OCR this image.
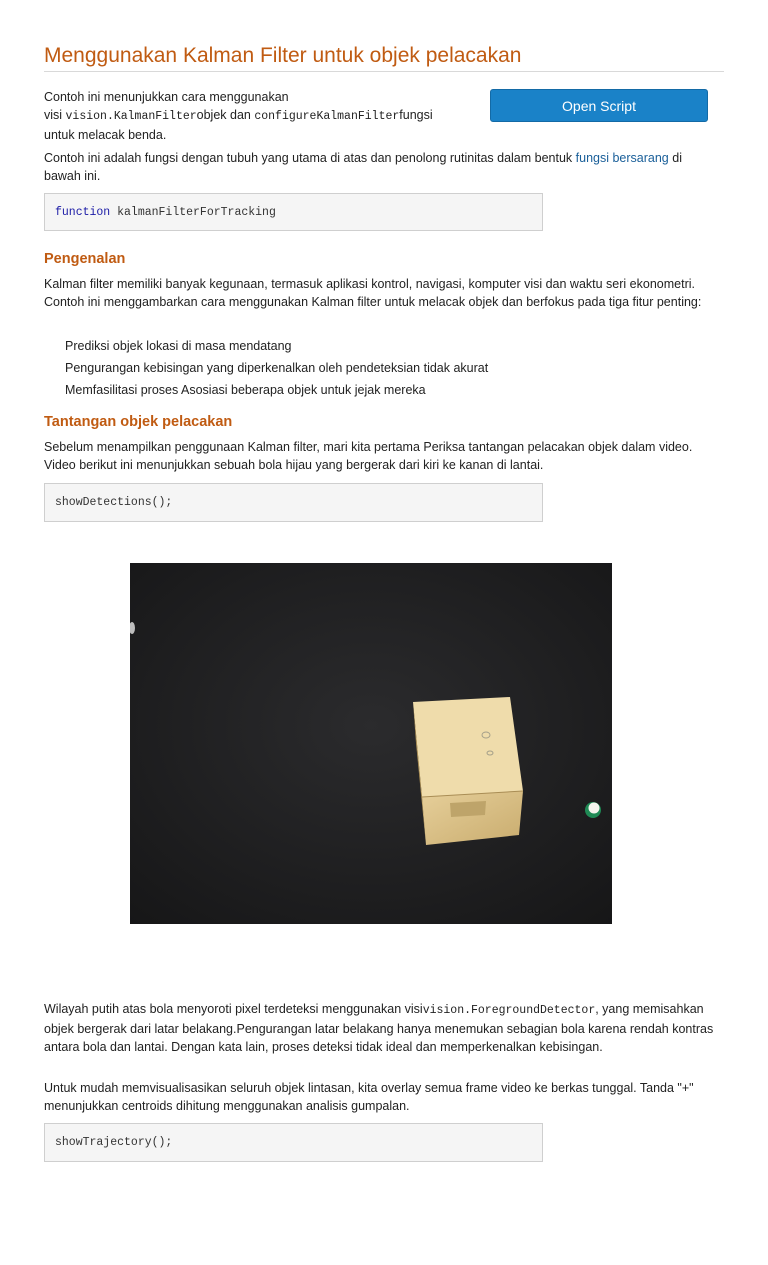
Menggunakan Kalman Filter untuk objek pelacakan

Contoh ini menunjukkan cara menggunakan
visi vision.KalmanFilterobjek dan configureKalmanFilterfungsi
untuk melacak benda.

Open Script

Contoh ini adalah fungsi dengan tubuh yang utama di atas dan penolong rutinitas dalam bentuk fungsi bersarang di
bawah ini.

function kalmanFilterForTracking
Pengenalan

Kalman filter memiliki banyak kegunaan, termasuk aplikasi kontrol, navigasi, komputer visi dan waktu seri ekonometri. Contoh ini menggambarkan cara menggunakan Kalman filter untuk melacak objek dan berfokus pada tiga fitur penting:

Prediksi objek lokasi di masa mendatang
Pengurangan kebisingan yang diperkenalkan oleh pendeteksian tidak akurat
Memfasilitasi proses Asosiasi beberapa objek untuk jejak mereka
Tantangan objek pelacakan

Sebelum menampilkan penggunaan Kalman filter, mari kita pertama Periksa tantangan pelacakan objek dalam video. Video berikut ini menunjukkan sebuah bola hijau yang bergerak dari kiri ke kanan di lantai.

showDetections();

Wilayah putih atas bola menyoroti pixel terdeteksi menggunakan visivision.ForegroundDetector, yang memisahkan objek bergerak dari latar belakang.Pengurangan latar belakang hanya menemukan sebagian bola karena rendah kontras antara bola dan lantai. Dengan kata lain, proses deteksi tidak ideal dan memperkenalkan kebisingan.

Untuk mudah memvisualisasikan seluruh objek lintasan, kita overlay semua frame video ke berkas tunggal. Tanda "+" menunjukkan centroids dihitung menggunakan analisis gumpalan.

showTrajectory();
